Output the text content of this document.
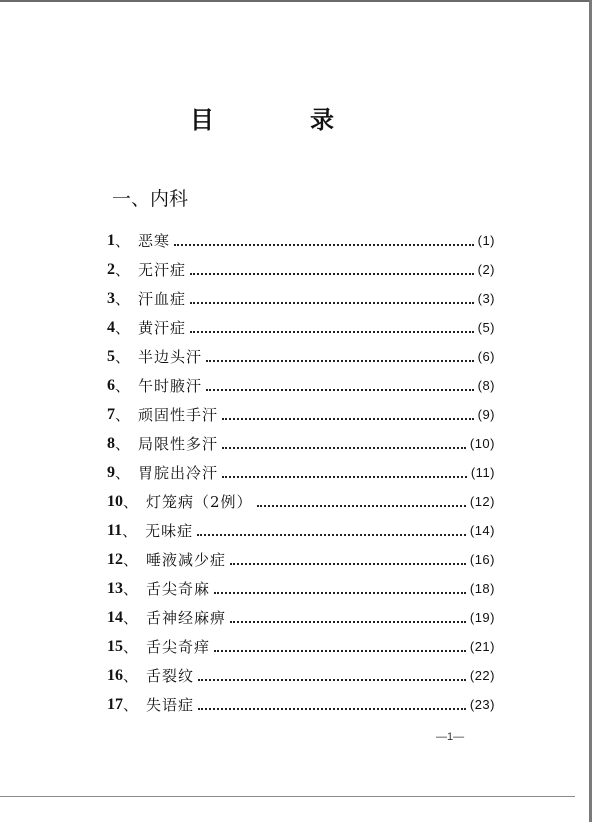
目　录
一、内科
1 、 恶寒	(1)
2 、 无汗症	(2)
3 、 汗血症	(3)
4 、 黄汗症	(5)
5 、 半边头汗	(6)
6 、 午时腋汗	(8)
7 、 顽固性手汗	(9)
8 、 局限性多汗	(10)
9 、 胃脘出冷汗	(11)
10 、 灯笼病（2例）	(12)
11 、 无味症	(14)
12 、 唾液减少症	(16)
13 、 舌尖奇麻	(18)
14 、 舌神经麻痹	(19)
15 、 舌尖奇痒	(21)
16 、 舌裂纹	(22)
17 、 失语症	(23)
—1—
